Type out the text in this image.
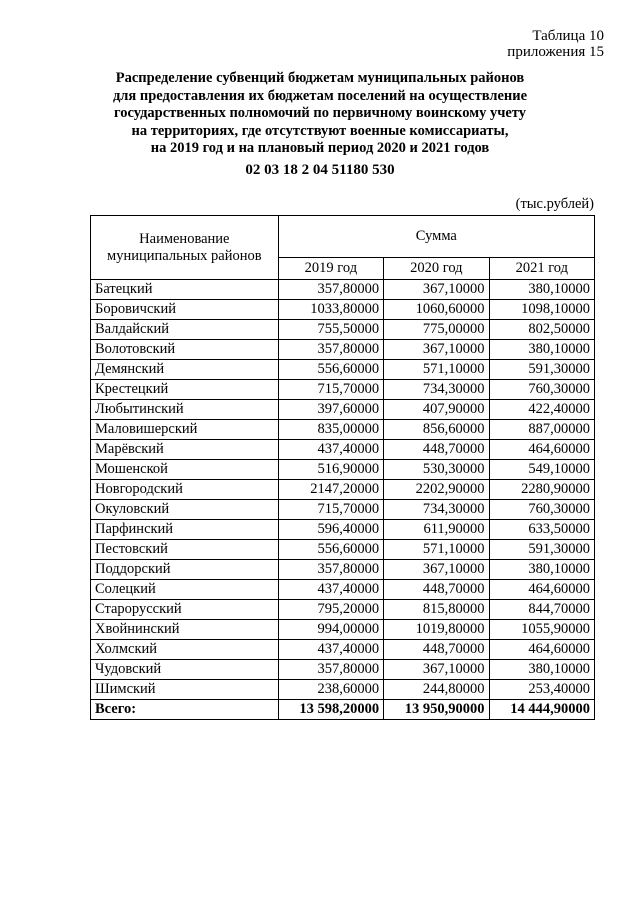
Таблица 10
приложения 15
Распределение субвенций бюджетам муниципальных районов
для предоставления их бюджетам поселений на осуществление
государственных полномочий по первичному воинскому учету
на территориях, где отсутствуют военные комиссариаты,
на 2019 год и на плановый период 2020 и 2021 годов
02 03 18 2 04 51180 530
(тыс.рублей)
Наименование муниципальных районов	Сумма		
	2019 год	2020 год	2021 год
Батецкий	357,80000	367,10000	380,10000
Боровичский	1033,80000	1060,60000	1098,10000
Валдайский	755,50000	775,00000	802,50000
Волотовский	357,80000	367,10000	380,10000
Демянский	556,60000	571,10000	591,30000
Крестецкий	715,70000	734,30000	760,30000
Любытинский	397,60000	407,90000	422,40000
Маловишерский	835,00000	856,60000	887,00000
Марёвский	437,40000	448,70000	464,60000
Мошенской	516,90000	530,30000	549,10000
Новгородский	2147,20000	2202,90000	2280,90000
Окуловский	715,70000	734,30000	760,30000
Парфинский	596,40000	611,90000	633,50000
Пестовский	556,60000	571,10000	591,30000
Поддорский	357,80000	367,10000	380,10000
Солецкий	437,40000	448,70000	464,60000
Старорусский	795,20000	815,80000	844,70000
Хвойнинский	994,00000	1019,80000	1055,90000
Холмский	437,40000	448,70000	464,60000
Чудовский	357,80000	367,10000	380,10000
Шимский	238,60000	244,80000	253,40000
Всего:	13 598,20000	13 950,90000	14 444,90000
